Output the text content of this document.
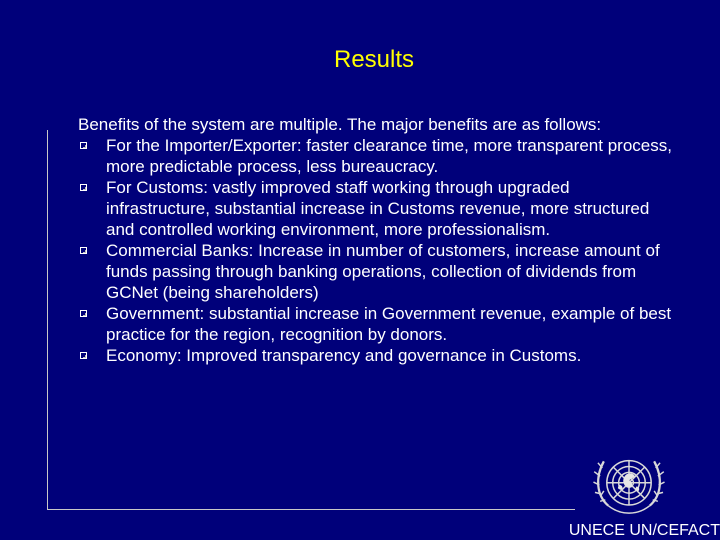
Results

Benefits of the system are multiple. The major benefits are as follows:

For the Importer/Exporter: faster clearance time, more transparent process, more predictable process, less bureaucracy.
For Customs: vastly improved staff working through upgraded infrastructure, substantial increase in Customs revenue, more structured and controlled working environment, more professionalism.
Commercial Banks: Increase in number of customers, increase amount of funds passing through banking operations, collection of dividends from GCNet (being shareholders)
Government: substantial increase in Government revenue, example of best practice for the region, recognition by donors.
Economy: Improved transparency and governance in Customs.
UNECE UN/CEFACT
